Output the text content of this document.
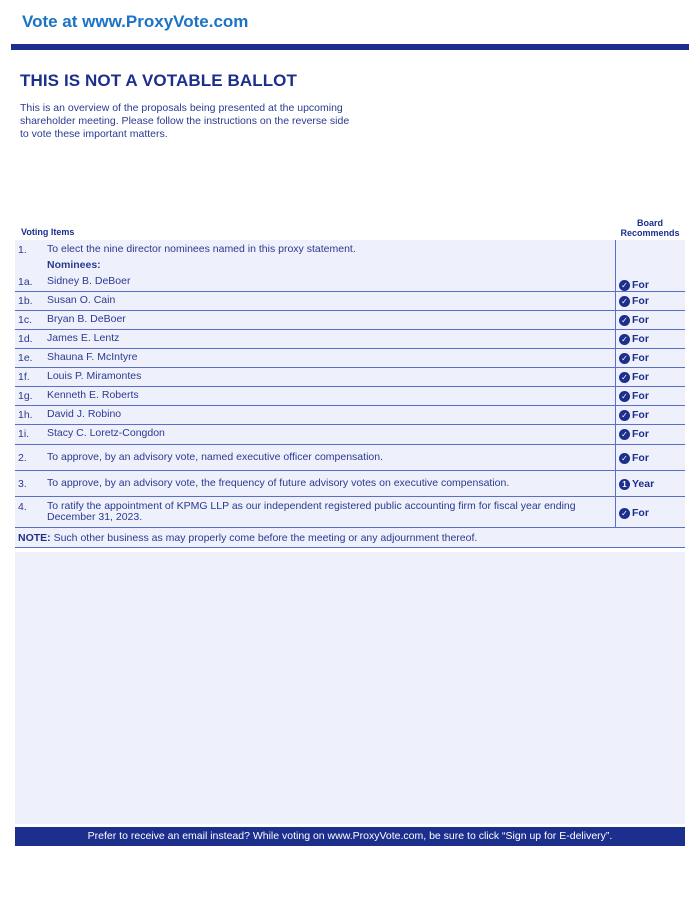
Vote at www.ProxyVote.com
THIS IS NOT A VOTABLE BALLOT
This is an overview of the proposals being presented at the upcoming shareholder meeting. Please follow the instructions on the reverse side to vote these important matters.
Voting Items
Board Recommends
1. To elect the nine director nominees named in this proxy statement.
Nominees:
1a. Sidney B. DeBoer	✓ For
1b. Susan O. Cain	✓ For
1c. Bryan B. DeBoer	✓ For
1d. James E. Lentz	✓ For
1e. Shauna F. McIntyre	✓ For
1f. Louis P. Miramontes	✓ For
1g. Kenneth E. Roberts	✓ For
1h. David J. Robino	✓ For
1i. Stacy C. Loretz-Congdon	✓ For
2. To approve, by an advisory vote, named executive officer compensation.	✓ For
3. To approve, by an advisory vote, the frequency of future advisory votes on executive compensation.	1 Year
4. To ratify the appointment of KPMG LLP as our independent registered public accounting firm for fiscal year ending December 31, 2023.	✓ For
NOTE: Such other business as may properly come before the meeting or any adjournment thereof.
Prefer to receive an email instead? While voting on www.ProxyVote.com, be sure to click “Sign up for E-delivery”.
